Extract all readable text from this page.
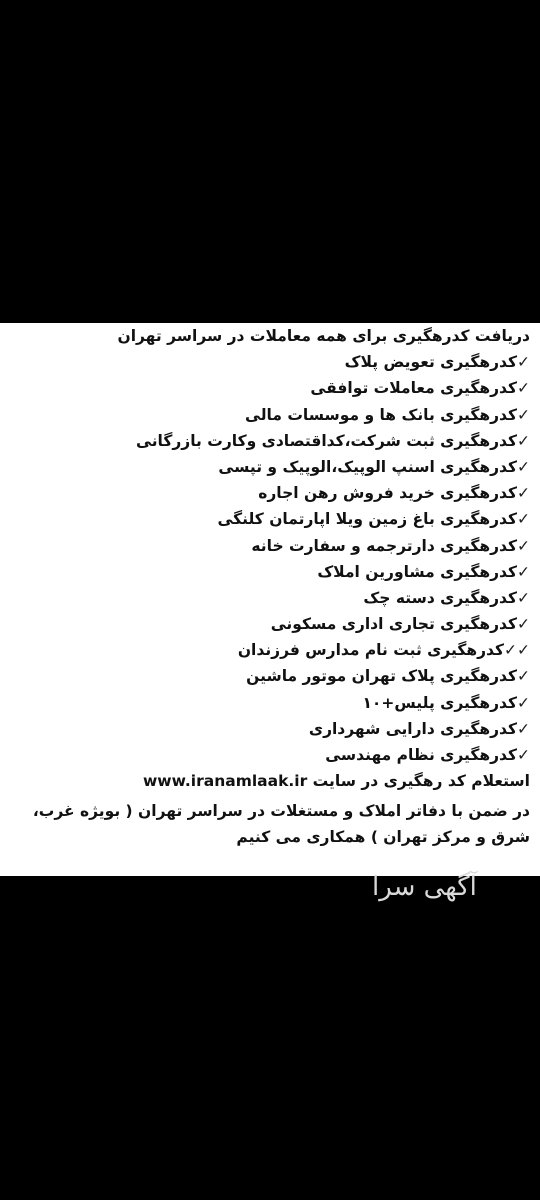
دریافت کدرهگیری برای همه معاملات در سراسر تهران
✓کدرهگیری تعویض پلاک
✓کدرهگیری معاملات توافقی
✓کدرهگیری بانک ها و موسسات مالی
✓کدرهگیری ثبت شرکت،کداقتصادی وکارت بازرگانی
✓کدرهگیری اسنپ الوپیک،الوپیک و تپسی
✓کدرهگیری خرید فروش رهن اجاره
✓کدرهگیری باغ زمین ویلا اپارتمان کلنگی
✓کدرهگیری دارترجمه و سفارت خانه
✓کدرهگیری مشاورین املاک
✓کدرهگیری دسته چک
✓کدرهگیری تجاری اداری مسکونی
✓✓کدرهگیری ثبت نام مدارس فرزندان
✓کدرهگیری پلاک تهران موتور ماشین
✓کدرهگیری پلیس+۱۰
✓کدرهگیری دارایی شهرداری
✓کدرهگیری نظام مهندسی
استعلام کد رهگیری در سایت www.iranamlaak.ir
در ضمن با دفاتر املاک و مستغلات در سراسر تهران ( بویژه غرب، شرق و مرکز تهران ) همکاری می کنیم
آگهی سرا
